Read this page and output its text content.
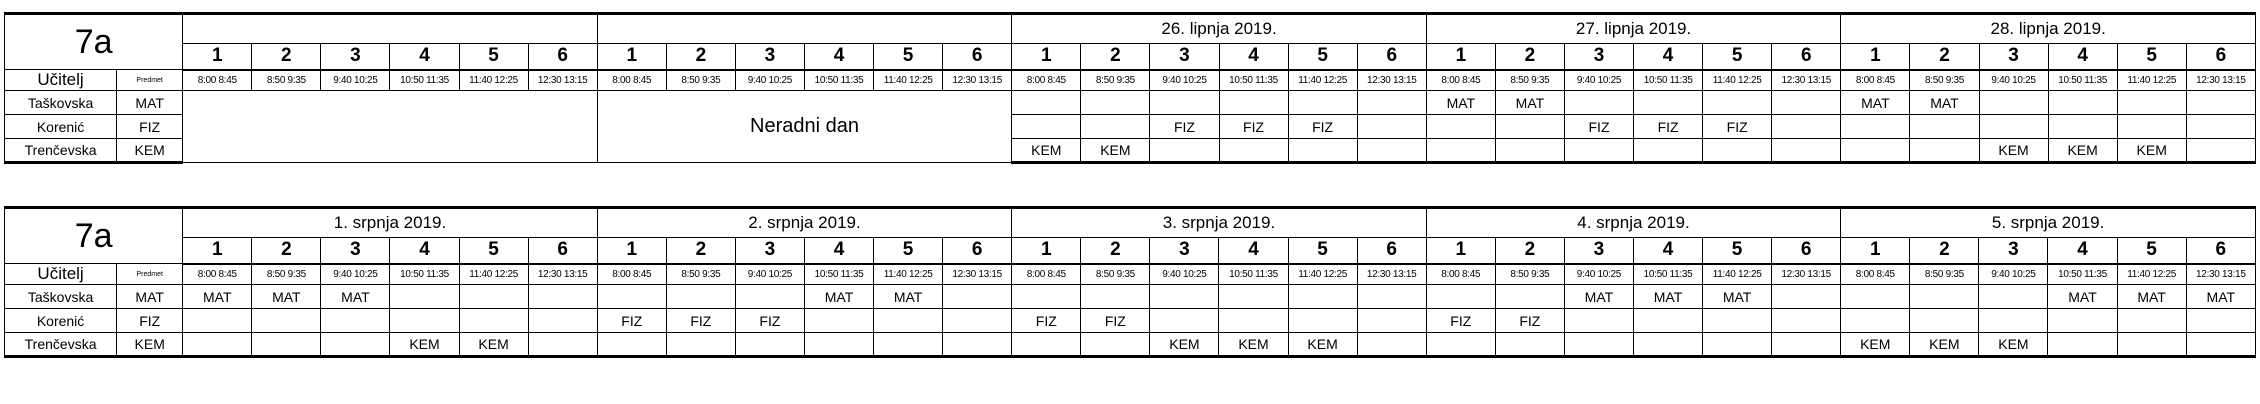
7a														26. lipnja 2019.						27. lipnja 2019.						28. lipnja 2019.					
		1	2	3	4	5	6	1	2	3	4	5	6	1	2	3	4	5	6	1	2	3	4	5	6	1	2	3	4	5	6
Učitelj	Predmet	8:00 8:45	8:50 9:35	9:40 10:25	10:50 11:35	11:40 12:25	12:30 13:15	8:00 8:45	8:50 9:35	9:40 10:25	10:50 11:35	11:40 12:25	12:30 13:15	8:00 8:45	8:50 9:35	9:40 10:25	10:50 11:35	11:40 12:25	12:30 13:15	8:00 8:45	8:50 9:35	9:40 10:25	10:50 11:35	11:40 12:25	12:30 13:15	8:00 8:45	8:50 9:35	9:40 10:25	10:50 11:35	11:40 12:25	12:30 13:15
Taškovska	MAT							Neradni dan												MAT	MAT					MAT	MAT				
Korenić	FIZ															FIZ	FIZ	FIZ				FIZ	FIZ	FIZ							
Trenčevska	KEM													KEM	KEM													KEM	KEM	KEM	
7a		1. srpnja 2019.						2. srpnja 2019.						3. srpnja 2019.						4. srpnja 2019.						5. srpnja 2019.					
		1	2	3	4	5	6	1	2	3	4	5	6	1	2	3	4	5	6	1	2	3	4	5	6	1	2	3	4	5	6
Učitelj	Predmet	8:00 8:45	8:50 9:35	9:40 10:25	10:50 11:35	11:40 12:25	12:30 13:15	8:00 8:45	8:50 9:35	9:40 10:25	10:50 11:35	11:40 12:25	12:30 13:15	8:00 8:45	8:50 9:35	9:40 10:25	10:50 11:35	11:40 12:25	12:30 13:15	8:00 8:45	8:50 9:35	9:40 10:25	10:50 11:35	11:40 12:25	12:30 13:15	8:00 8:45	8:50 9:35	9:40 10:25	10:50 11:35	11:40 12:25	12:30 13:15
Taškovska	MAT	MAT	MAT	MAT							MAT	MAT										MAT	MAT	MAT					MAT	MAT	MAT
Korenić	FIZ							FIZ	FIZ	FIZ				FIZ	FIZ					FIZ	FIZ										
Trenčevska	KEM				KEM	KEM										KEM	KEM	KEM								KEM	KEM	KEM			
